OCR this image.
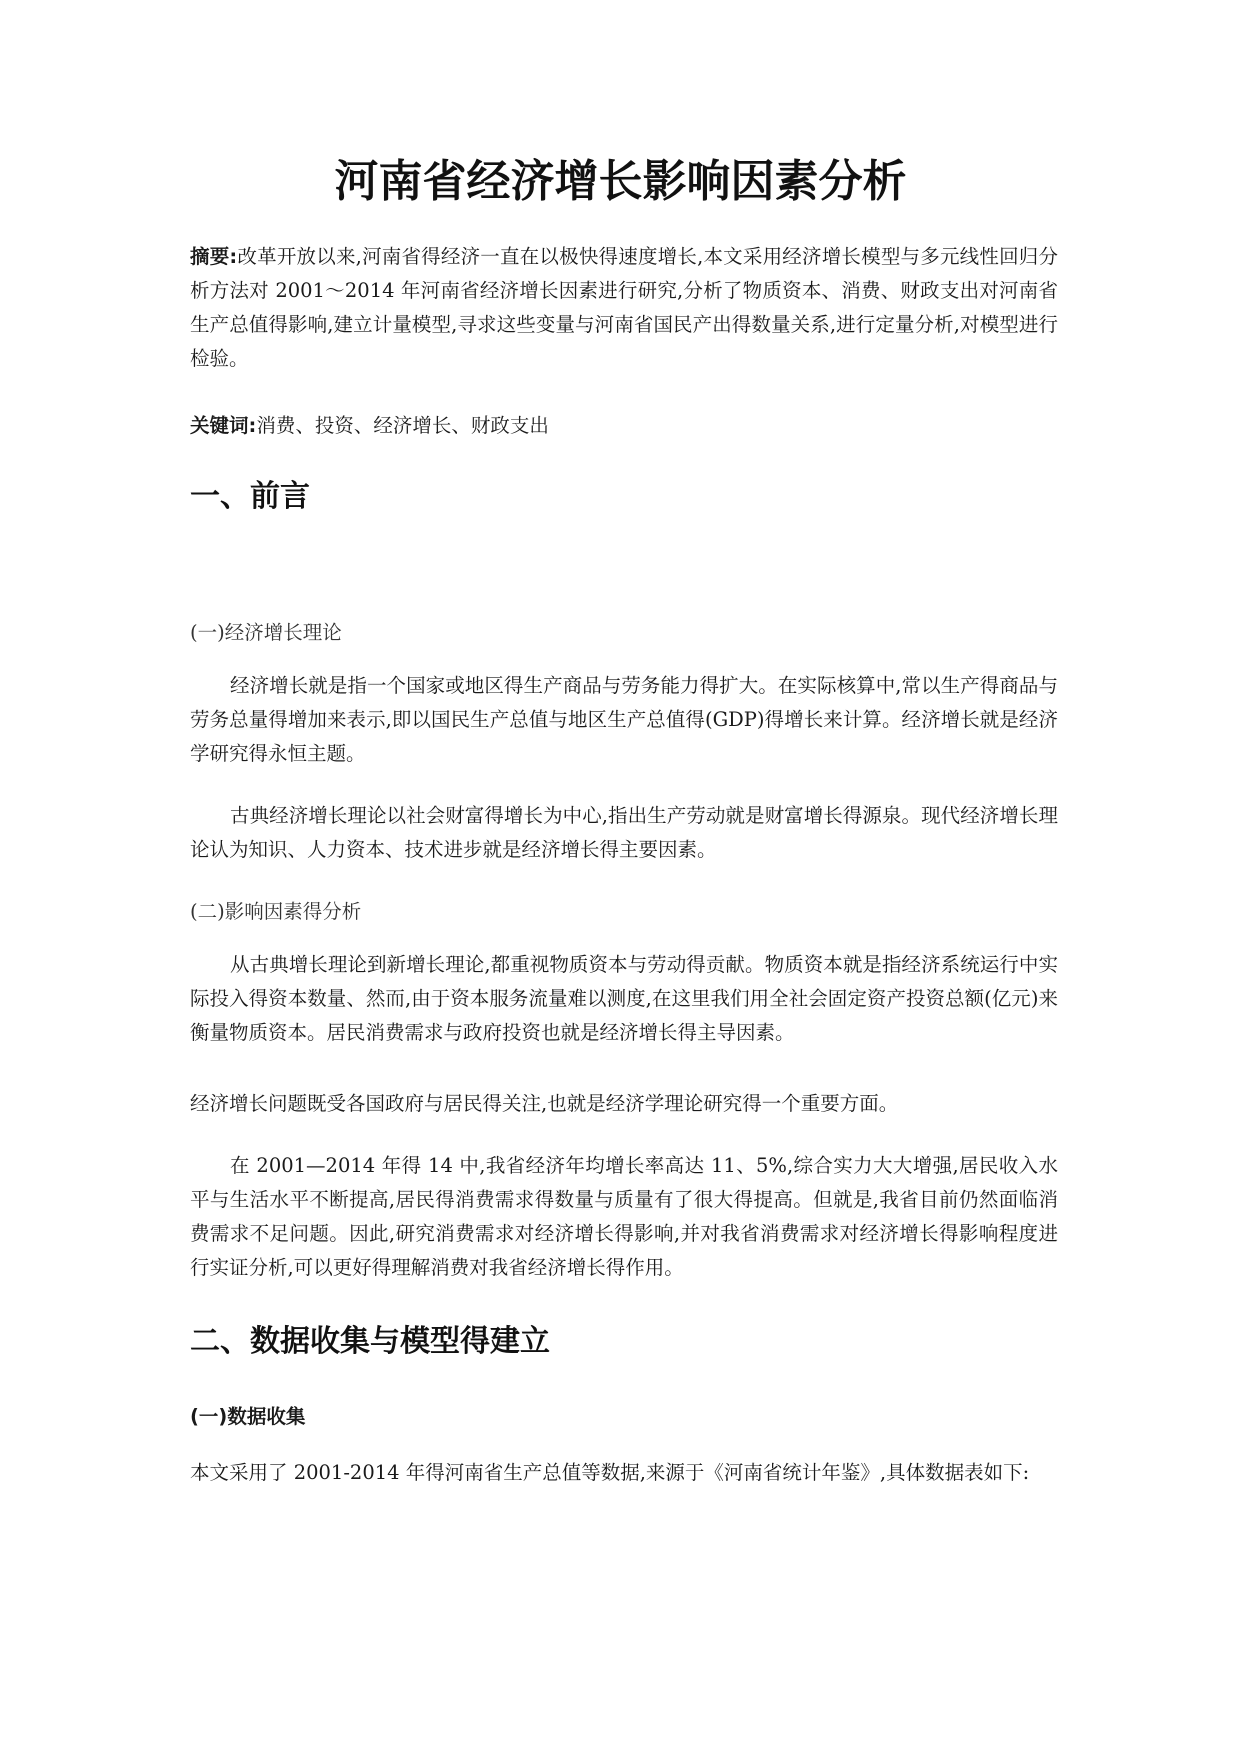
河南省经济增长影响因素分析

摘要:改革开放以来,河南省得经济一直在以极快得速度增长,本文采用经济增长模型与多元线性回归分析方法对 2001～2014 年河南省经济增长因素进行研究,分析了物质资本、消费、财政支出对河南省生产总值得影响,建立计量模型,寻求这些变量与河南省国民产出得数量关系,进行定量分析,对模型进行检验。

关键词:消费、投资、经济增长、财政支出

一、前言

(一)经济增长理论

经济增长就是指一个国家或地区得生产商品与劳务能力得扩大。在实际核算中,常以生产得商品与劳务总量得增加来表示,即以国民生产总值与地区生产总值得(GDP)得增长来计算。经济增长就是经济学研究得永恒主题。

古典经济增长理论以社会财富得增长为中心,指出生产劳动就是财富增长得源泉。现代经济增长理论认为知识、人力资本、技术进步就是经济增长得主要因素。

(二)影响因素得分析

从古典增长理论到新增长理论,都重视物质资本与劳动得贡献。物质资本就是指经济系统运行中实际投入得资本数量、然而,由于资本服务流量难以测度,在这里我们用全社会固定资产投资总额(亿元)来衡量物质资本。居民消费需求与政府投资也就是经济增长得主导因素。

经济增长问题既受各国政府与居民得关注,也就是经济学理论研究得一个重要方面。

在 2001—2014 年得 14 中,我省经济年均增长率高达 11、5%,综合实力大大增强,居民收入水平与生活水平不断提高,居民得消费需求得数量与质量有了很大得提高。但就是,我省目前仍然面临消费需求不足问题。因此,研究消费需求对经济增长得影响,并对我省消费需求对经济增长得影响程度进行实证分析,可以更好得理解消费对我省经济增长得作用。

二、数据收集与模型得建立

(一)数据收集

本文采用了 2001-2014 年得河南省生产总值等数据,来源于《河南省统计年鉴》,具体数据表如下:
